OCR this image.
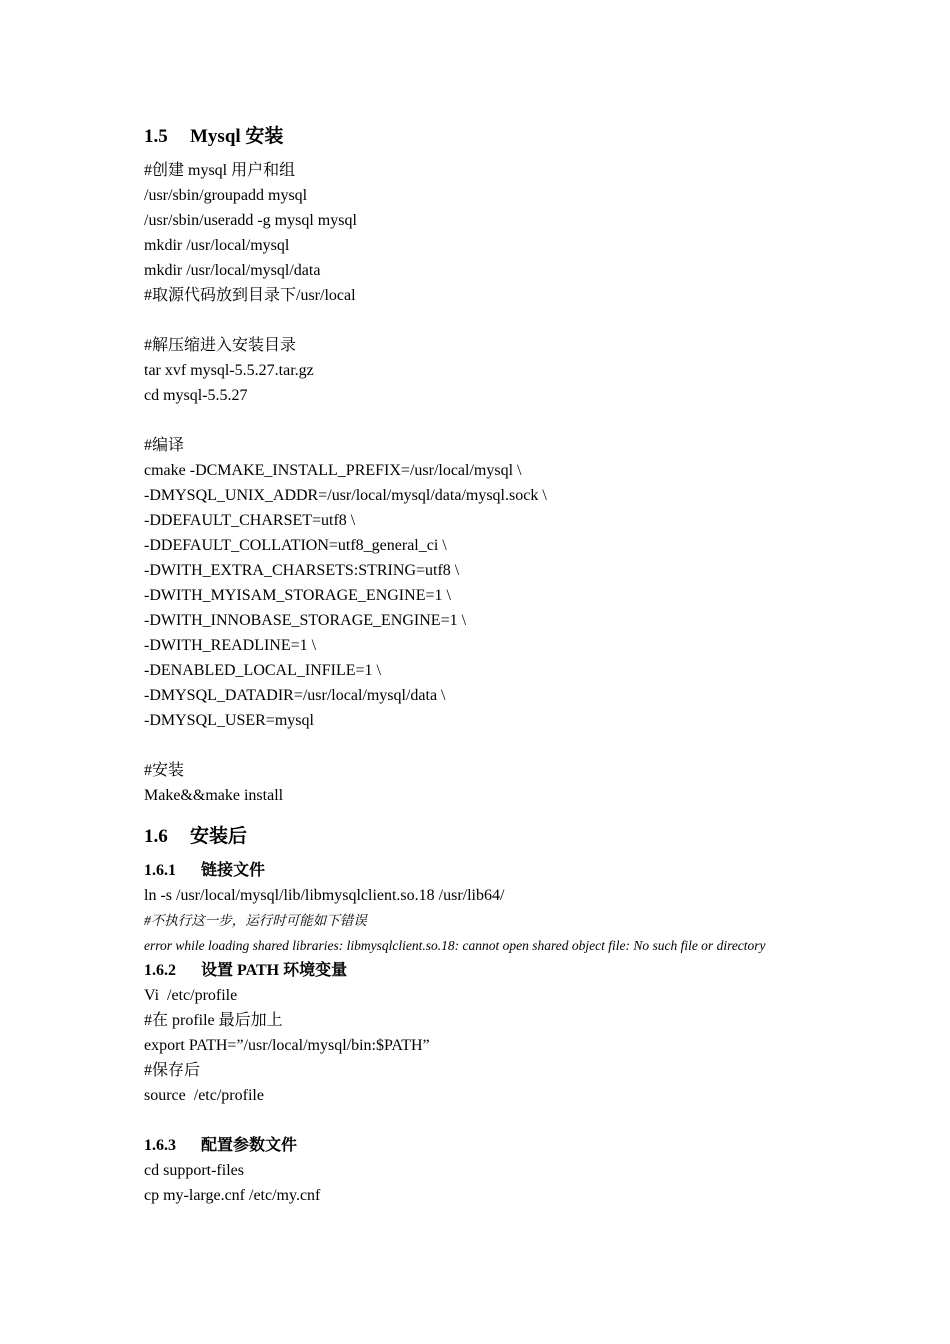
1.5 Mysql 安装
#创建 mysql 用户和组
/usr/sbin/groupadd mysql
/usr/sbin/useradd -g mysql mysql
mkdir /usr/local/mysql
mkdir /usr/local/mysql/data
#取源代码放到目录下/usr/local
#解压缩进入安装目录
tar xvf mysql-5.5.27.tar.gz
cd mysql-5.5.27
#编译
cmake -DCMAKE_INSTALL_PREFIX=/usr/local/mysql \
-DMYSQL_UNIX_ADDR=/usr/local/mysql/data/mysql.sock \
-DDEFAULT_CHARSET=utf8 \
-DDEFAULT_COLLATION=utf8_general_ci \
-DWITH_EXTRA_CHARSETS:STRING=utf8 \
-DWITH_MYISAM_STORAGE_ENGINE=1 \
-DWITH_INNOBASE_STORAGE_ENGINE=1 \
-DWITH_READLINE=1 \
-DENABLED_LOCAL_INFILE=1 \
-DMYSQL_DATADIR=/usr/local/mysql/data \
-DMYSQL_USER=mysql
#安装
Make&&make install
1.6 安装后
1.6.1 链接文件
ln -s /usr/local/mysql/lib/libmysqlclient.so.18 /usr/lib64/
#不执行这一步，运行时可能如下错误
error while loading shared libraries: libmysqlclient.so.18: cannot open shared object file: No such file or directory
1.6.2 设置 PATH 环境变量
Vi  /etc/profile
#在 profile 最后加上
export PATH=”/usr/local/mysql/bin:$PATH”
#保存后
source  /etc/profile
1.6.3 配置参数文件
cd support-files
cp my-large.cnf /etc/my.cnf
